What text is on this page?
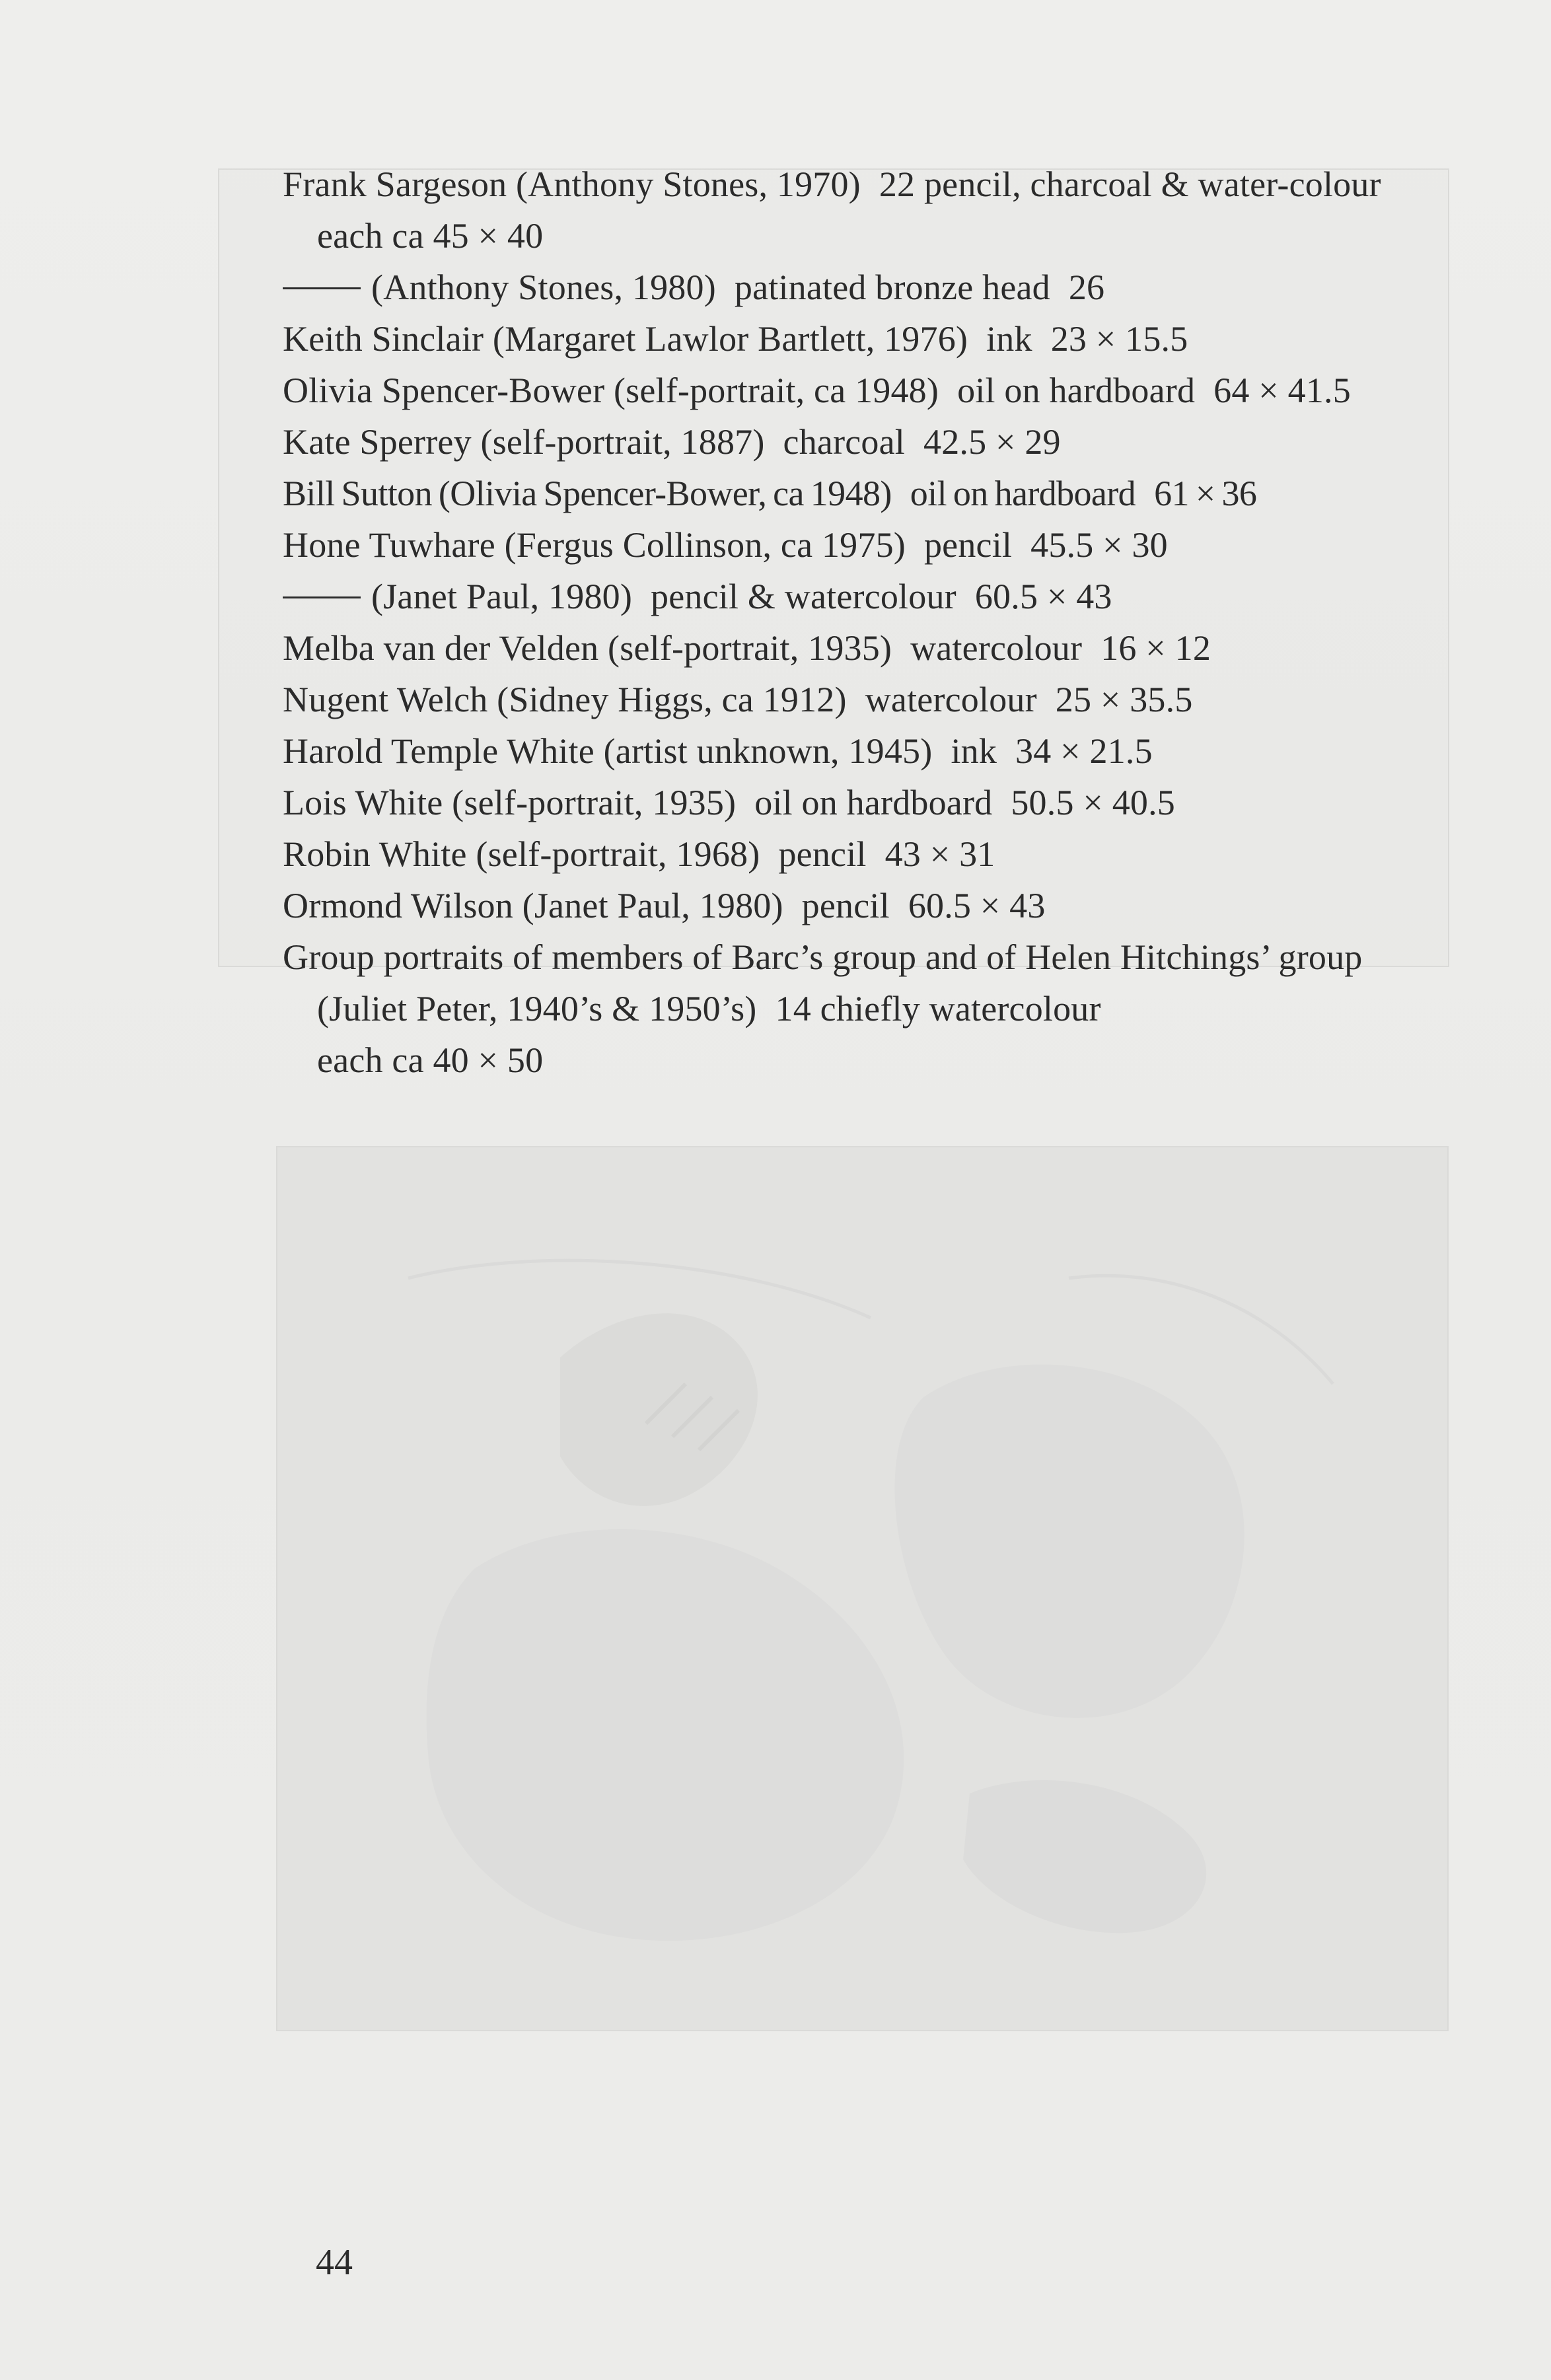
Frank Sargeson (Anthony Stones, 1970) 22 pencil, charcoal & water-coloureach ca 45 × 40

(Anthony Stones, 1980) patinated bronze head 26

Keith Sinclair (Margaret Lawlor Bartlett, 1976) ink 23 × 15.5

Olivia Spencer-Bower (self-portrait, ca 1948) oil on hardboard 64 × 41.5

Kate Sperrey (self-portrait, 1887) charcoal 42.5 × 29

Bill Sutton (Olivia Spencer-Bower, ca 1948) oil on hardboard 61 × 36

Hone Tuwhare (Fergus Collinson, ca 1975) pencil 45.5 × 30

(Janet Paul, 1980) pencil & watercolour 60.5 × 43

Melba van der Velden (self-portrait, 1935) watercolour 16 × 12

Nugent Welch (Sidney Higgs, ca 1912) watercolour 25 × 35.5

Harold Temple White (artist unknown, 1945) ink 34 × 21.5

Lois White (self-portrait, 1935) oil on hardboard 50.5 × 40.5

Robin White (self-portrait, 1968) pencil 43 × 31

Ormond Wilson (Janet Paul, 1980) pencil 60.5 × 43

Group portraits of members of Barc’s group and of Helen Hitchings’ group (Juliet Peter, 1940’s & 1950’s) 14 chiefly watercolour
each ca 40 × 50

44
